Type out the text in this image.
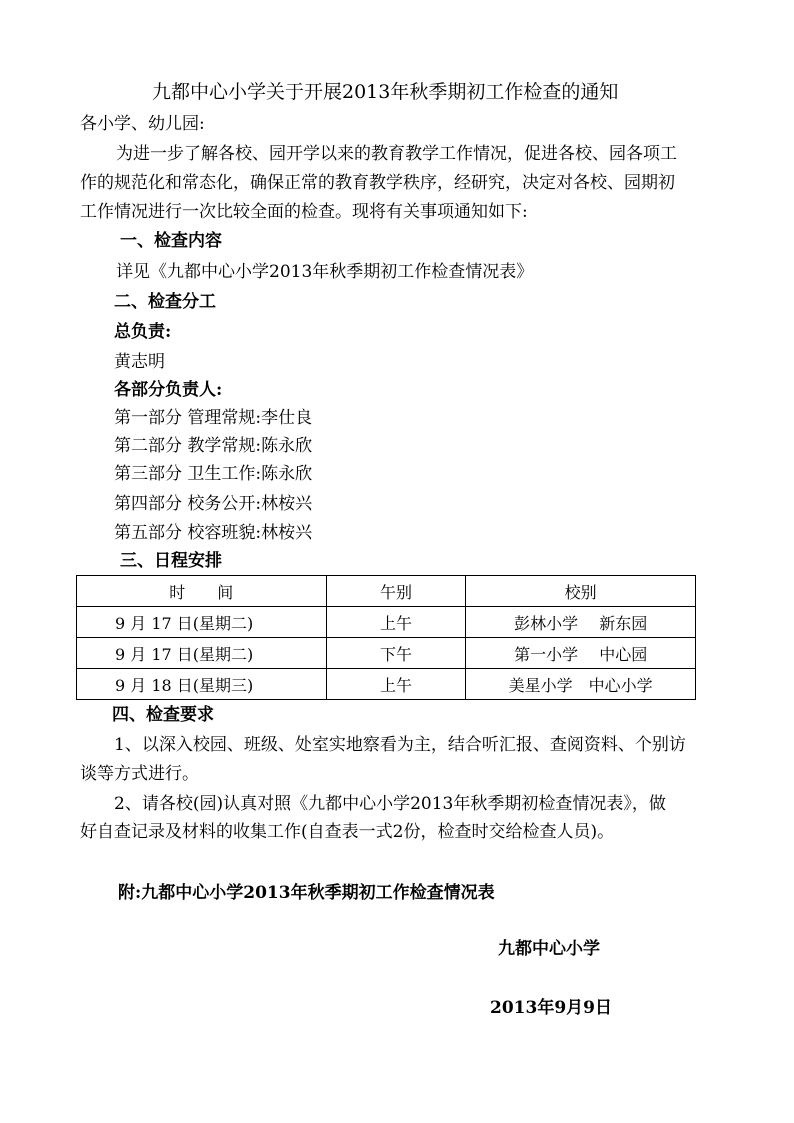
九都中心小学关于开展2013年秋季期初工作检查的通知
各小学、幼儿园:
为进一步了解各校、园开学以来的教育教学工作情况，促进各校、园各项工
作的规范化和常态化，确保正常的教育教学秩序，经研究，决定对各校、园期初
工作情况进行一次比较全面的检查。现将有关事项通知如下:
一、检查内容
详见《九都中心小学2013年秋季期初工作检查情况表》
二、检查分工
总负责:
黄志明
各部分负责人:
第一部分 管理常规:李仕良
第二部分 教学常规:陈永欣
第三部分 卫生工作:陈永欣
第四部分 校务公开:林桉兴
第五部分 校容班貌:林桉兴
三、日程安排
时　　间	午别	校别
9 月 17 日(星期二)	上午	彭林小学　 新东园
9 月 17 日(星期二)	下午	第一小学　 中心园
9 月 18 日(星期三)	上午	美星小学　中心小学
四、检查要求
1、以深入校园、班级、处室实地察看为主，结合听汇报、查阅资料、个别访
谈等方式进行。
2、请各校(园)认真对照《九都中心小学2013年秋季期初检查情况表》，做
好自查记录及材料的收集工作(自查表一式2份，检查时交给检查人员)。
附:九都中心小学2013年秋季期初工作检查情况表
九都中心小学
2013年9月9日
